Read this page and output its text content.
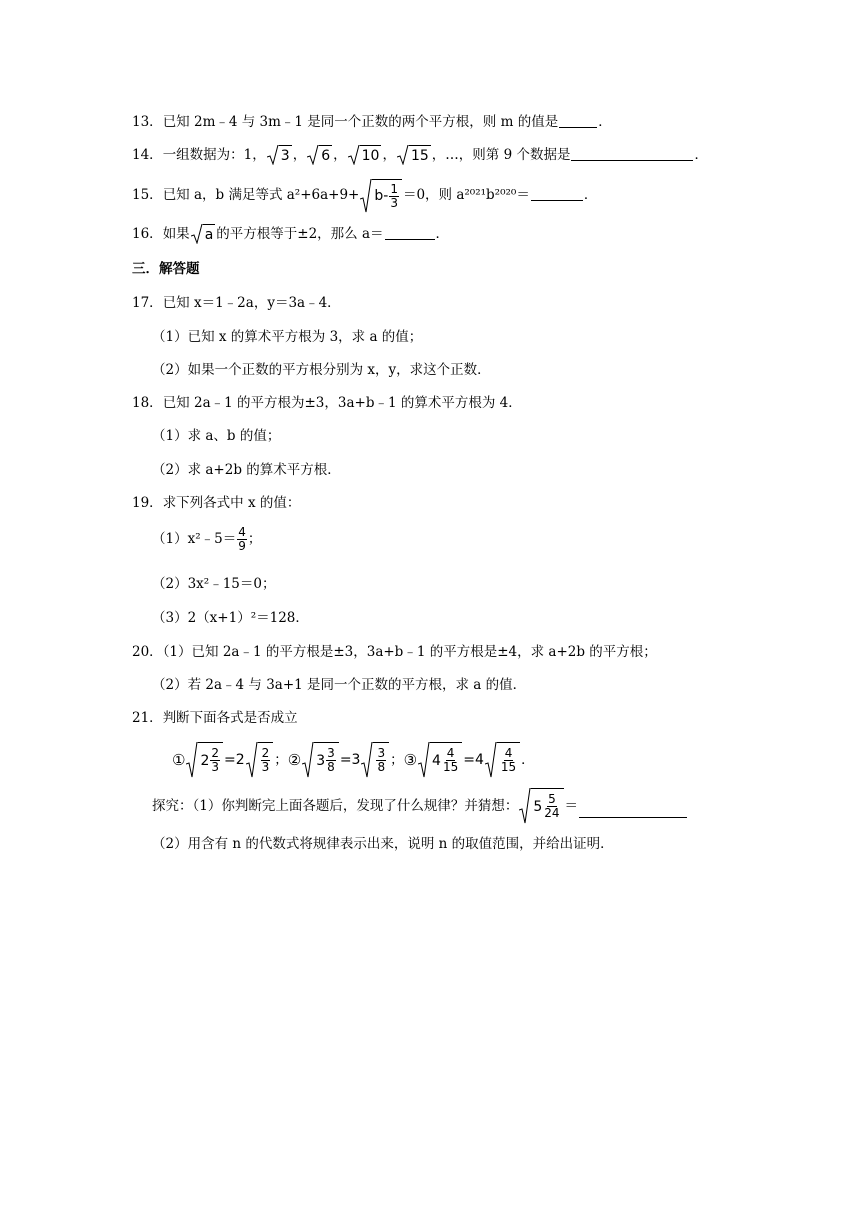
13．已知 2m﹣4 与 3m﹣1 是同一个正数的两个平方根，则 m 的值是	．
14．一组数据为：1， 3 ， 6 ， 10 ， 15 ，…，则第 9 个数据是	．
15．已知 a，b 满足等式 $a^2+6a+9+ b - \frac{1}{3} =0$，则 a²⁰²¹b²⁰²⁰＝	．
16．如果 a 的平方根等于±2，那么 a＝	．
三．解答题
17．已知 x＝1﹣2a，y＝3a﹣4．
（1）已知 x 的算术平方根为 3，求 a 的值；
（2）如果一个正数的平方根分别为 x，y，求这个正数．
18．已知 2a﹣1 的平方根为±3，3a+b﹣1 的算术平方根为 4．
（1）求 a、b 的值；
（2）求 a+2b 的算术平方根．
19．求下列各式中 x 的值：
（1）x²﹣5＝ $\frac{4}{9}$ ；
（2）3x²﹣15＝0；
（3）2（x+1）²＝128．
20．（1）已知 2a﹣1 的平方根是±3，3a+b﹣1 的平方根是±4，求 a+2b 的平方根；
（2）若 2a﹣4 与 3a+1 是同一个正数的平方根，求 a 的值．
21．判断下面各式是否成立
① $2 \frac{2}{3} =2 \frac{2}{3}$ ； ② $3 \frac{3}{8} =3 \frac{3}{8}$ ； ③ $4 \frac{4}{15} =4 \frac{4}{15}$ ．
探究：（1）你判断完上面各题后，发现了什么规律？并猜想： $5 \frac{5}{24}$ ＝
（2）用含有 n 的代数式将规律表示出来，说明 n 的取值范围，并给出证明．
